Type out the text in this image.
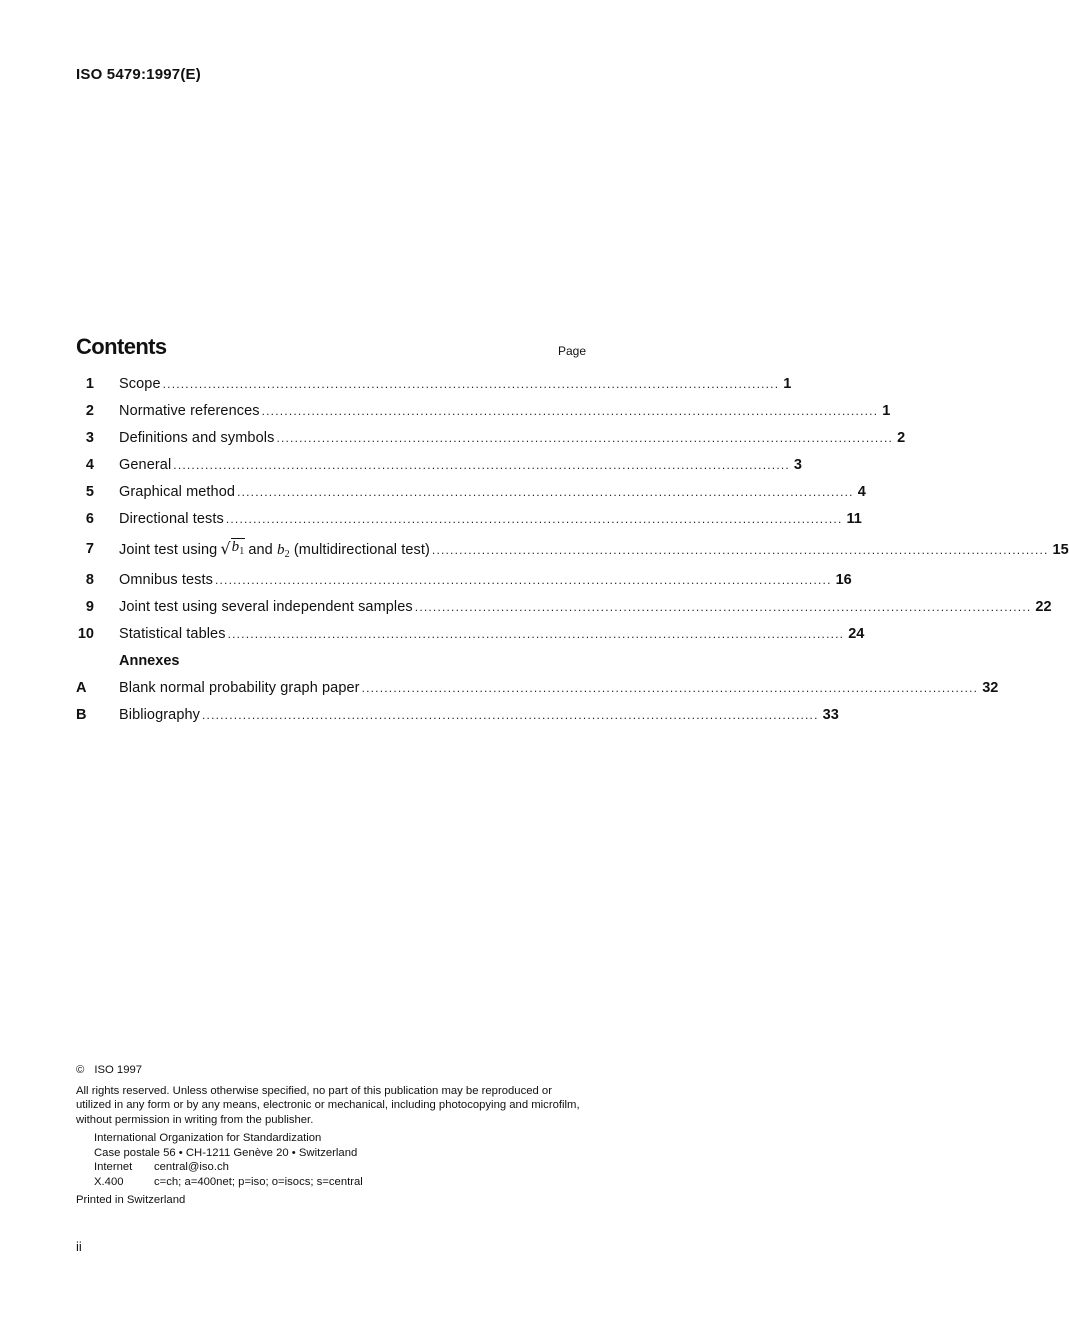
ISO 5479:1997(E)
Contents	Page
1 Scope ........................................................................................................................................ 1
2 Normative references ........................................................................................................................................ 1
3 Definitions and symbols ........................................................................................................................................ 2
4 General ........................................................................................................................................ 3
5 Graphical method ........................................................................................................................................ 4
6 Directional tests ........................................................................................................................................ 11
7 Joint test using √ $b_1$ and $b_2$ (multidirectional test) ........................................................................................................................................ 15
8 Omnibus tests ........................................................................................................................................ 16
9 Joint test using several independent samples ........................................................................................................................................ 22
10 Statistical tables ........................................................................................................................................ 24
Annexes
A	Blank normal probability graph paper ........................................................................................................................................ 32
B	Bibliography ........................................................................................................................................ 33
© ISO 1997
All rights reserved. Unless otherwise specified, no part of this publication may be reproduced or utilized in any form or by any means, electronic or mechanical, including photocopying and microfilm, without permission in writing from the publisher.
International Organization for Standardization
Case postale 56 • CH-1211 Genève 20 • Switzerland
Internet	central@iso.ch
X.400	c=ch; a=400net; p=iso; o=isocs; s=central
Printed in Switzerland
ii
